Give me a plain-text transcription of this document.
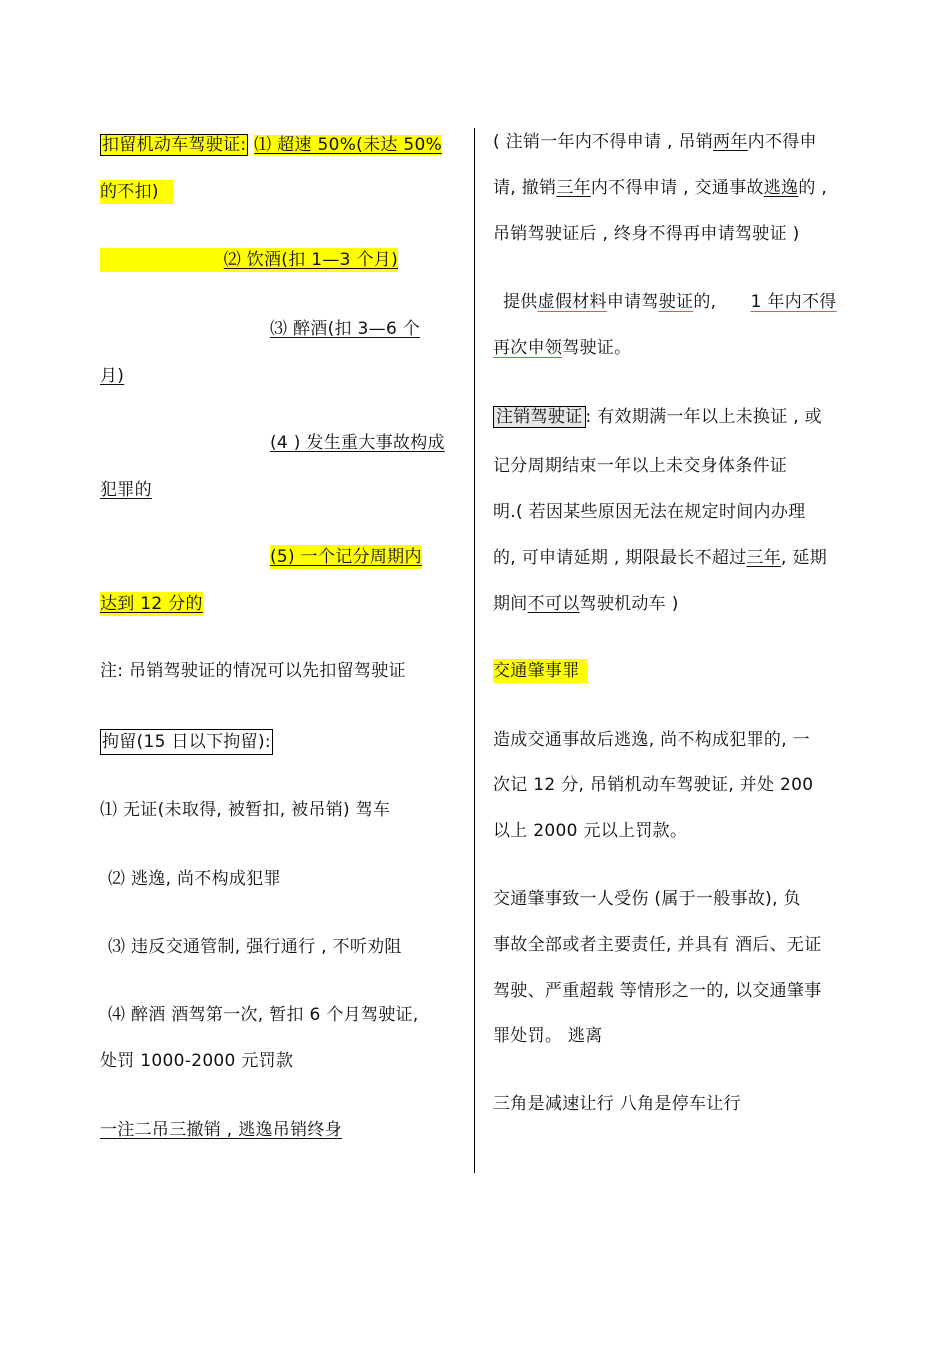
扣留机动车驾驶证: ⑴ 超速 50%(未达 50%
的不扣)
⑵ 饮酒(扣 1—3 个月)
⑶ 醉酒(扣 3—6 个
月)
(4 ) 发生重大事故构成
犯罪的
(5) 一个记分周期内
达到 12 分的
注: 吊销驾驶证的情况可以先扣留驾驶证
拘留(15 日以下拘留):
⑴ 无证(未取得, 被暂扣, 被吊销) 驾车
⑵ 逃逸, 尚不构成犯罪
⑶ 违反交通管制, 强行通行 , 不听劝阻
⑷ 醉酒 酒驾第一次, 暂扣 6 个月驾驶证,
处罚 1000-2000 元罚款
一注二吊三撤销 , 逃逸吊销终身
( 注销一年内不得申请 , 吊销两年内不得申
请, 撤销三年内不得申请 , 交通事故逃逸的 ,
吊销驾驶证后 , 终身不得再申请驾驶证 )
提供虚假材料申请驾驶证的, 1 年内不得
再次申领驾驶证。
注销驾驶证 : 有效期满一年以上未换证 , 或
记分周期结束一年以上未交身体条件证
明.( 若因某些原因无法在规定时间内办理
的, 可申请延期 , 期限最长不超过三年, 延期
期间不可以驾驶机动车 )
交通肇事罪
造成交通事故后逃逸, 尚不构成犯罪的, 一
次记 12 分, 吊销机动车驾驶证, 并处 200
以上 2000 元以上罚款。
交通肇事致一人受伤 (属于一般事故), 负
事故全部或者主要责任, 并具有 酒后、无证
驾驶、严重超载 等情形之一的, 以交通肇事
罪处罚。 逃离
三角是减速让行 八角是停车让行
